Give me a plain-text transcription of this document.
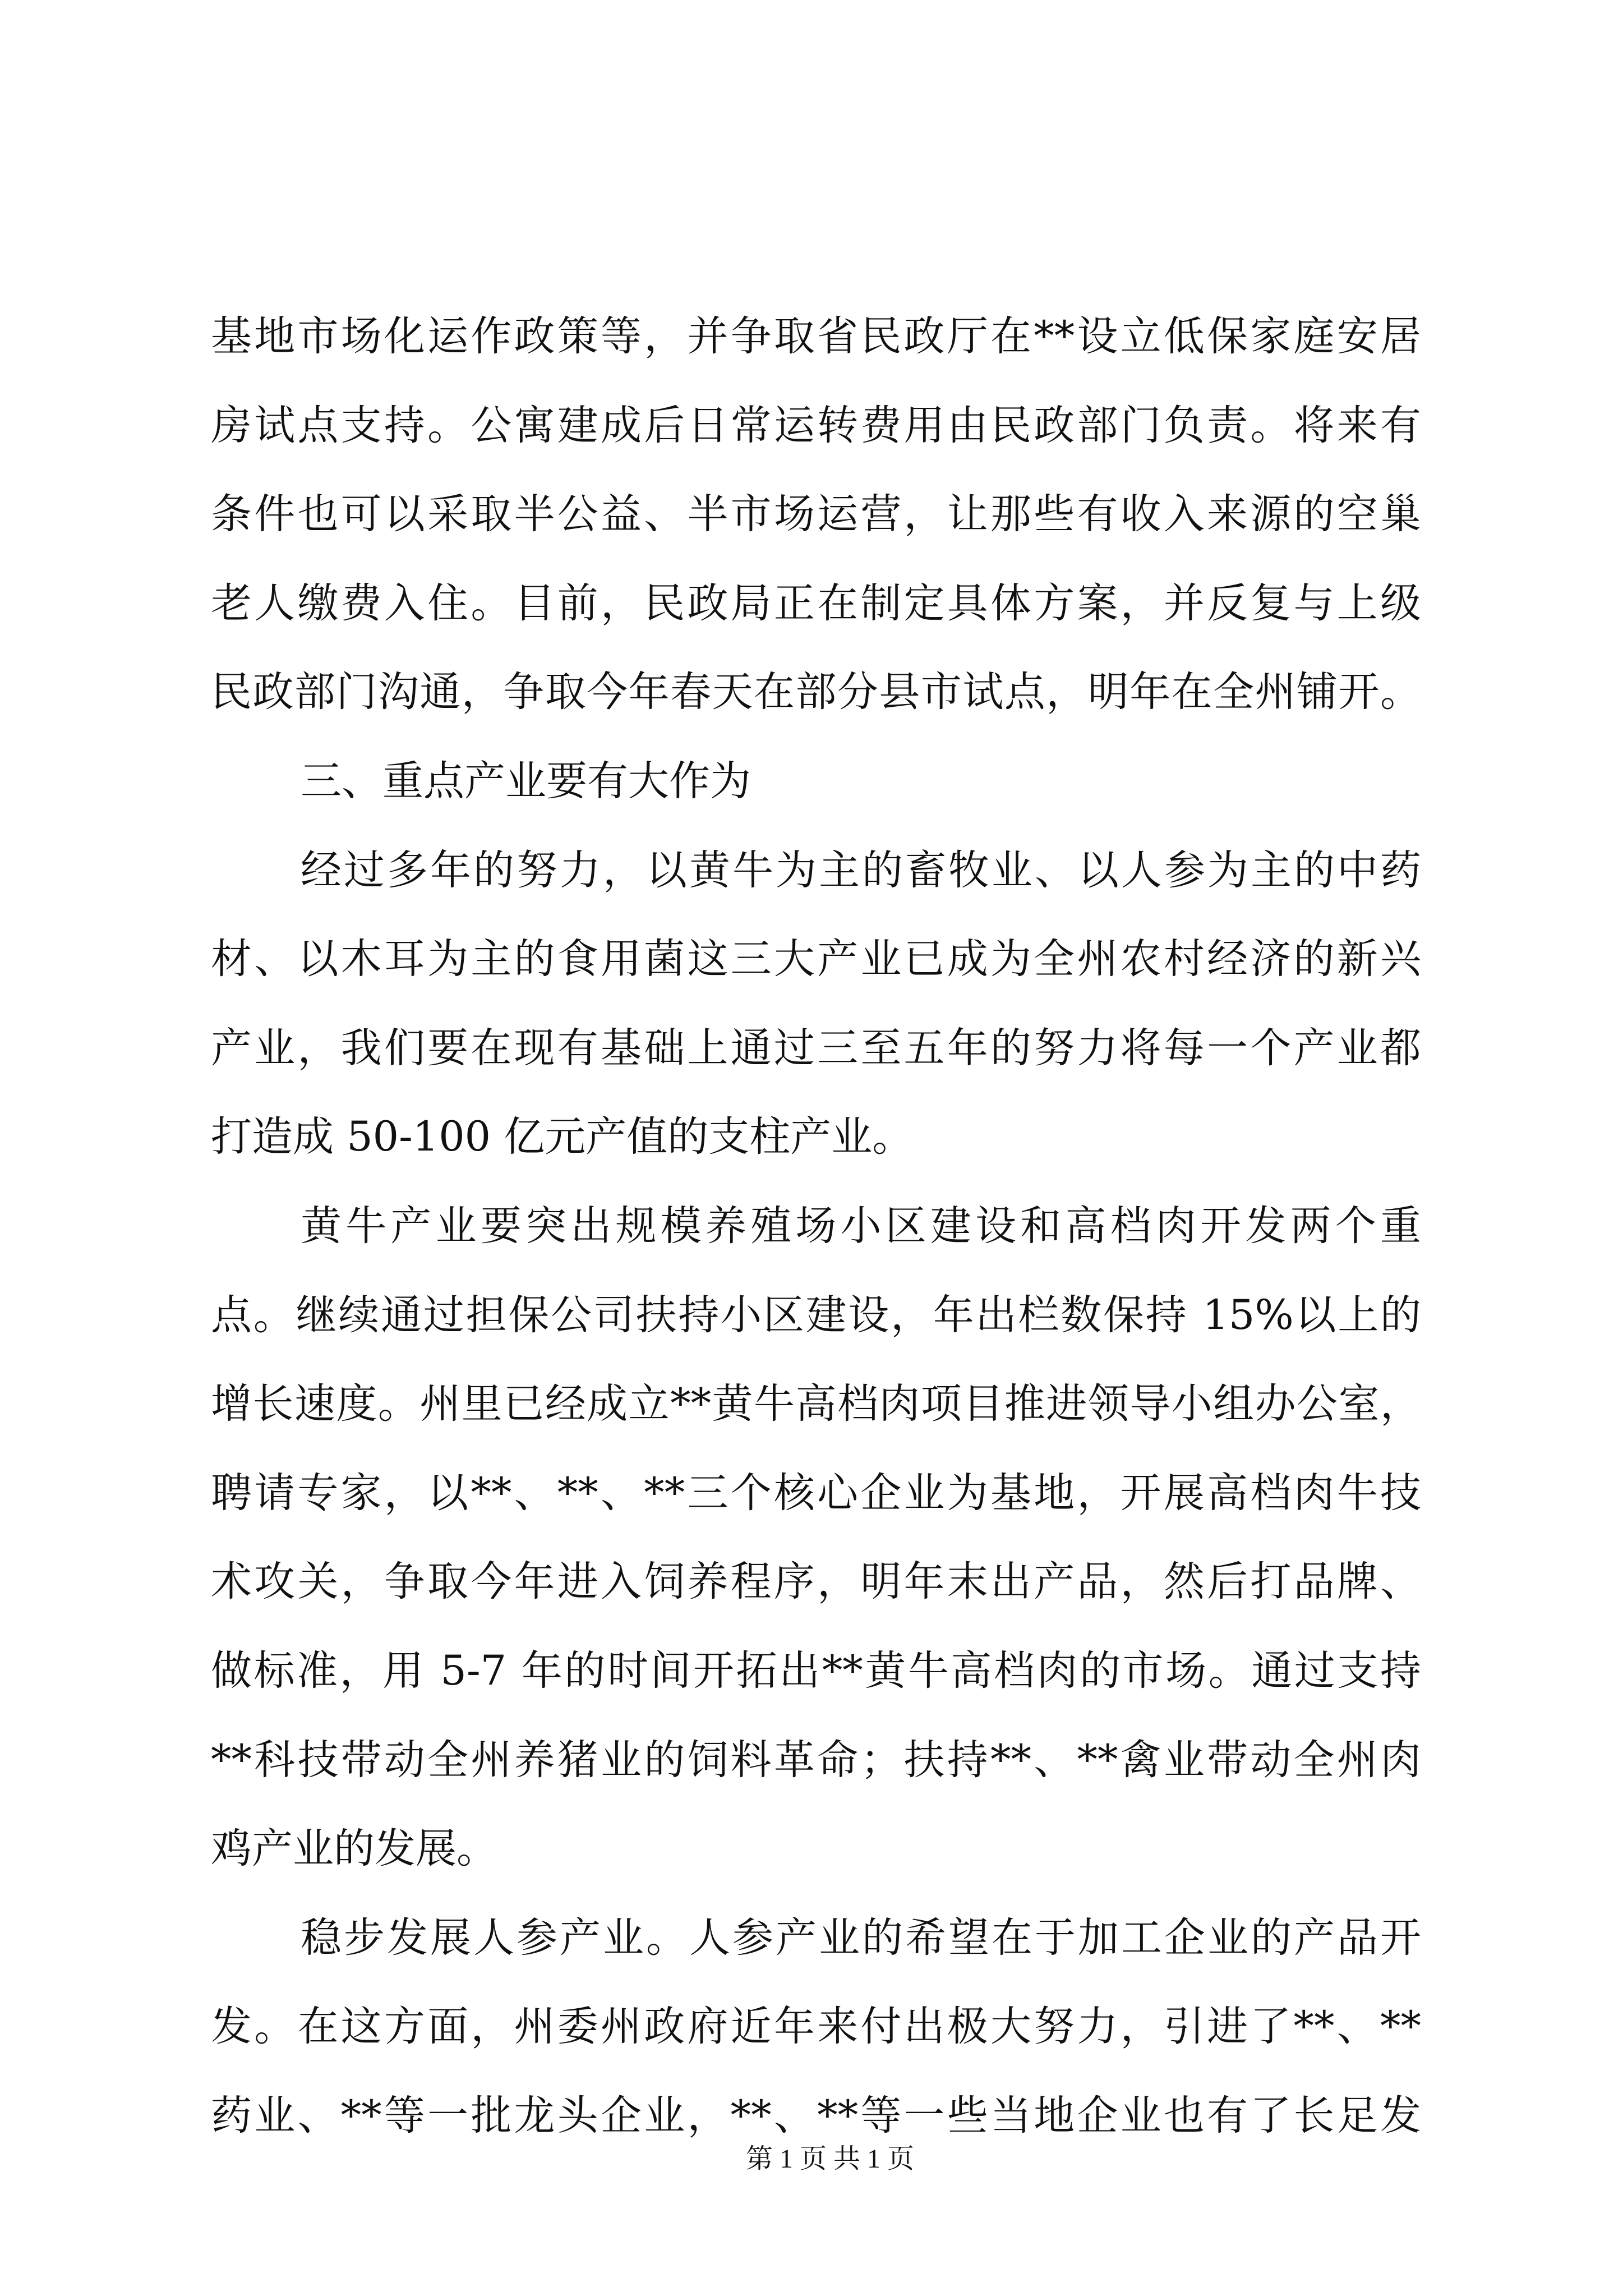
基地市场化运作政策等，并争取省民政厅在**设立低保家庭安居
房试点支持。公寓建成后日常运转费用由民政部门负责。将来有
条件也可以采取半公益、半市场运营，让那些有收入来源的空巢
老人缴费入住。目前，民政局正在制定具体方案，并反复与上级
民政部门沟通，争取今年春天在部分县市试点，明年在全州铺开。
三、重点产业要有大作为
经过多年的努力，以黄牛为主的畜牧业、以人参为主的中药
材、以木耳为主的食用菌这三大产业已成为全州农村经济的新兴
产业，我们要在现有基础上通过三至五年的努力将每一个产业都
打造成 50-100 亿元产值的支柱产业。
黄牛产业要突出规模养殖场小区建设和高档肉开发两个重
点。继续通过担保公司扶持小区建设，年出栏数保持 15%以上的
增长速度。州里已经成立**黄牛高档肉项目推进领导小组办公室，
聘请专家，以**、**、**三个核心企业为基地，开展高档肉牛技
术攻关，争取今年进入饲养程序，明年末出产品，然后打品牌、
做标准，用 5-7 年的时间开拓出**黄牛高档肉的市场。通过支持
**科技带动全州养猪业的饲料革命；扶持**、**禽业带动全州肉
鸡产业的发展。
稳步发展人参产业。人参产业的希望在于加工企业的产品开
发。在这方面，州委州政府近年来付出极大努力，引进了**、**
药业、**等一批龙头企业，**、**等一些当地企业也有了长足发
第 1 页 共 1 页
